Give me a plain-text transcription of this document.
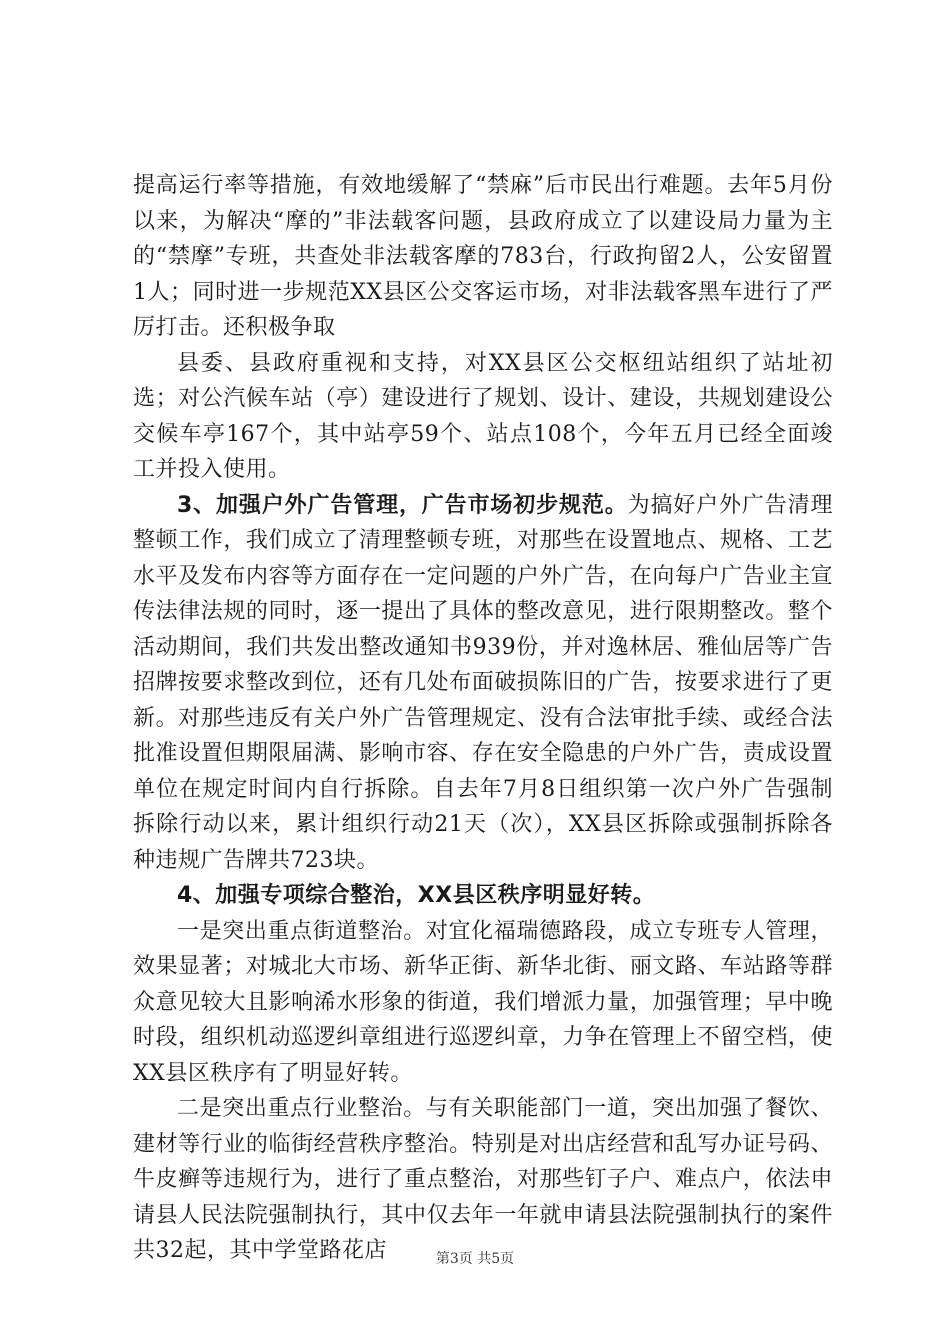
提高运行率等措施，有效地缓解了“禁麻”后市民出行难题。去年5月份以来，为解决“摩的”非法载客问题，县政府成立了以建设局力量为主的“禁摩”专班，共查处非法载客摩的783台，行政拘留2人，公安留置1人；同时进一步规范XX县区公交客运市场，对非法载客黑车进行了严厉打击。还积极争取

县委、县政府重视和支持，对XX县区公交枢纽站组织了站址初选；对公汽候车站（亭）建设进行了规划、设计、建设，共规划建设公交候车亭167个，其中站亭59个、站点108个，今年五月已经全面竣工并投入使用。

3、加强户外广告管理，广告市场初步规范。为搞好户外广告清理整顿工作，我们成立了清理整顿专班，对那些在设置地点、规格、工艺水平及发布内容等方面存在一定问题的户外广告，在向每户广告业主宣传法律法规的同时，逐一提出了具体的整改意见，进行限期整改。整个活动期间，我们共发出整改通知书939份，并对逸林居、雅仙居等广告招牌按要求整改到位，还有几处布面破损陈旧的广告，按要求进行了更新。对那些违反有关户外广告管理规定、没有合法审批手续、或经合法批准设置但期限届满、影响市容、存在安全隐患的户外广告，责成设置单位在规定时间内自行拆除。自去年7月8日组织第一次户外广告强制拆除行动以来，累计组织行动21天（次），XX县区拆除或强制拆除各种违规广告牌共723块。

4、加强专项综合整治，XX县区秩序明显好转。

一是突出重点街道整治。对宜化福瑞德路段，成立专班专人管理，效果显著；对城北大市场、新华正街、新华北街、丽文路、车站路等群众意见较大且影响浠水形象的街道，我们增派力量，加强管理；早中晚时段，组织机动巡逻纠章组进行巡逻纠章，力争在管理上不留空档，使XX县区秩序有了明显好转。

二是突出重点行业整治。与有关职能部门一道，突出加强了餐饮、建材等行业的临街经营秩序整治。特别是对出店经营和乱写办证号码、牛皮癣等违规行为，进行了重点整治，对那些钉子户、难点户，依法申请县人民法院强制执行，其中仅去年一年就申请县法院强制执行的案件共32起，其中学堂路花店	第3页 共5页
